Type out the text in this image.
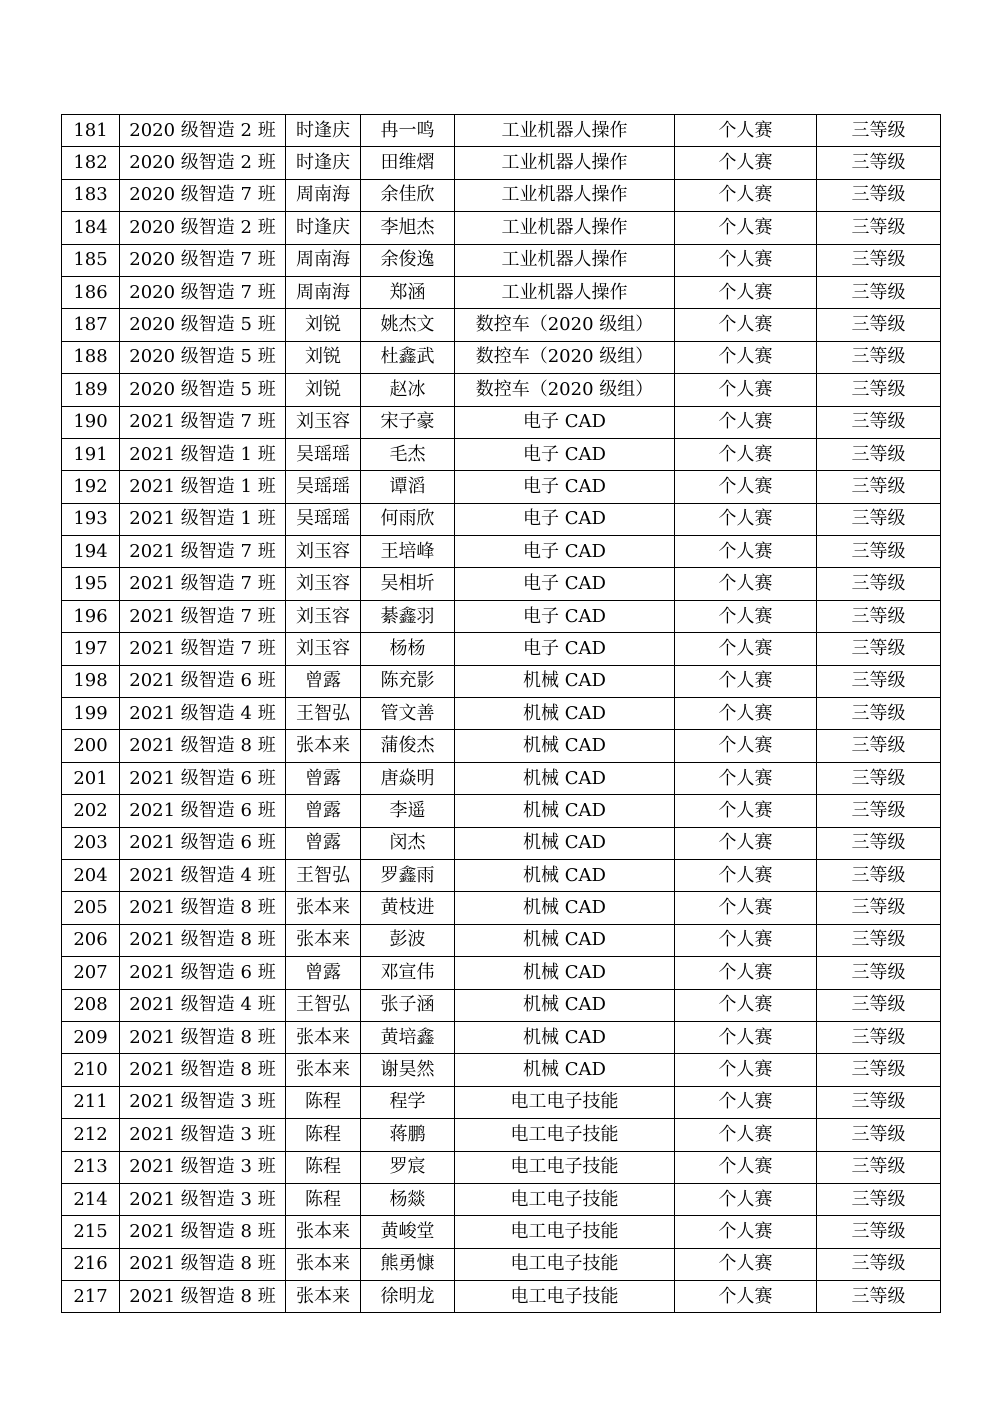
181	2020 级智造 2 班	时逢庆	冉一鸣	工业机器人操作	个人赛	三等级
182	2020 级智造 2 班	时逢庆	田维熠	工业机器人操作	个人赛	三等级
183	2020 级智造 7 班	周南海	余佳欣	工业机器人操作	个人赛	三等级
184	2020 级智造 2 班	时逢庆	李旭杰	工业机器人操作	个人赛	三等级
185	2020 级智造 7 班	周南海	余俊逸	工业机器人操作	个人赛	三等级
186	2020 级智造 7 班	周南海	郑涵	工业机器人操作	个人赛	三等级
187	2020 级智造 5 班	刘锐	姚杰文	数控车（2020 级组）	个人赛	三等级
188	2020 级智造 5 班	刘锐	杜鑫武	数控车（2020 级组）	个人赛	三等级
189	2020 级智造 5 班	刘锐	赵冰	数控车（2020 级组）	个人赛	三等级
190	2021 级智造 7 班	刘玉容	宋子豪	电子 CAD	个人赛	三等级
191	2021 级智造 1 班	吴瑶瑶	毛杰	电子 CAD	个人赛	三等级
192	2021 级智造 1 班	吴瑶瑶	谭滔	电子 CAD	个人赛	三等级
193	2021 级智造 1 班	吴瑶瑶	何雨欣	电子 CAD	个人赛	三等级
194	2021 级智造 7 班	刘玉容	王培峰	电子 CAD	个人赛	三等级
195	2021 级智造 7 班	刘玉容	吴相圻	电子 CAD	个人赛	三等级
196	2021 级智造 7 班	刘玉容	綦鑫羽	电子 CAD	个人赛	三等级
197	2021 级智造 7 班	刘玉容	杨杨	电子 CAD	个人赛	三等级
198	2021 级智造 6 班	曾露	陈充影	机械 CAD	个人赛	三等级
199	2021 级智造 4 班	王智弘	管文善	机械 CAD	个人赛	三等级
200	2021 级智造 8 班	张本来	蒲俊杰	机械 CAD	个人赛	三等级
201	2021 级智造 6 班	曾露	唐焱明	机械 CAD	个人赛	三等级
202	2021 级智造 6 班	曾露	李遥	机械 CAD	个人赛	三等级
203	2021 级智造 6 班	曾露	闵杰	机械 CAD	个人赛	三等级
204	2021 级智造 4 班	王智弘	罗鑫雨	机械 CAD	个人赛	三等级
205	2021 级智造 8 班	张本来	黄枝进	机械 CAD	个人赛	三等级
206	2021 级智造 8 班	张本来	彭波	机械 CAD	个人赛	三等级
207	2021 级智造 6 班	曾露	邓宣伟	机械 CAD	个人赛	三等级
208	2021 级智造 4 班	王智弘	张子涵	机械 CAD	个人赛	三等级
209	2021 级智造 8 班	张本来	黄培鑫	机械 CAD	个人赛	三等级
210	2021 级智造 8 班	张本来	谢昊然	机械 CAD	个人赛	三等级
211	2021 级智造 3 班	陈程	程学	电工电子技能	个人赛	三等级
212	2021 级智造 3 班	陈程	蒋鹏	电工电子技能	个人赛	三等级
213	2021 级智造 3 班	陈程	罗宸	电工电子技能	个人赛	三等级
214	2021 级智造 3 班	陈程	杨燚	电工电子技能	个人赛	三等级
215	2021 级智造 8 班	张本来	黄峻堂	电工电子技能	个人赛	三等级
216	2021 级智造 8 班	张本来	熊勇慷	电工电子技能	个人赛	三等级
217	2021 级智造 8 班	张本来	徐明龙	电工电子技能	个人赛	三等级
